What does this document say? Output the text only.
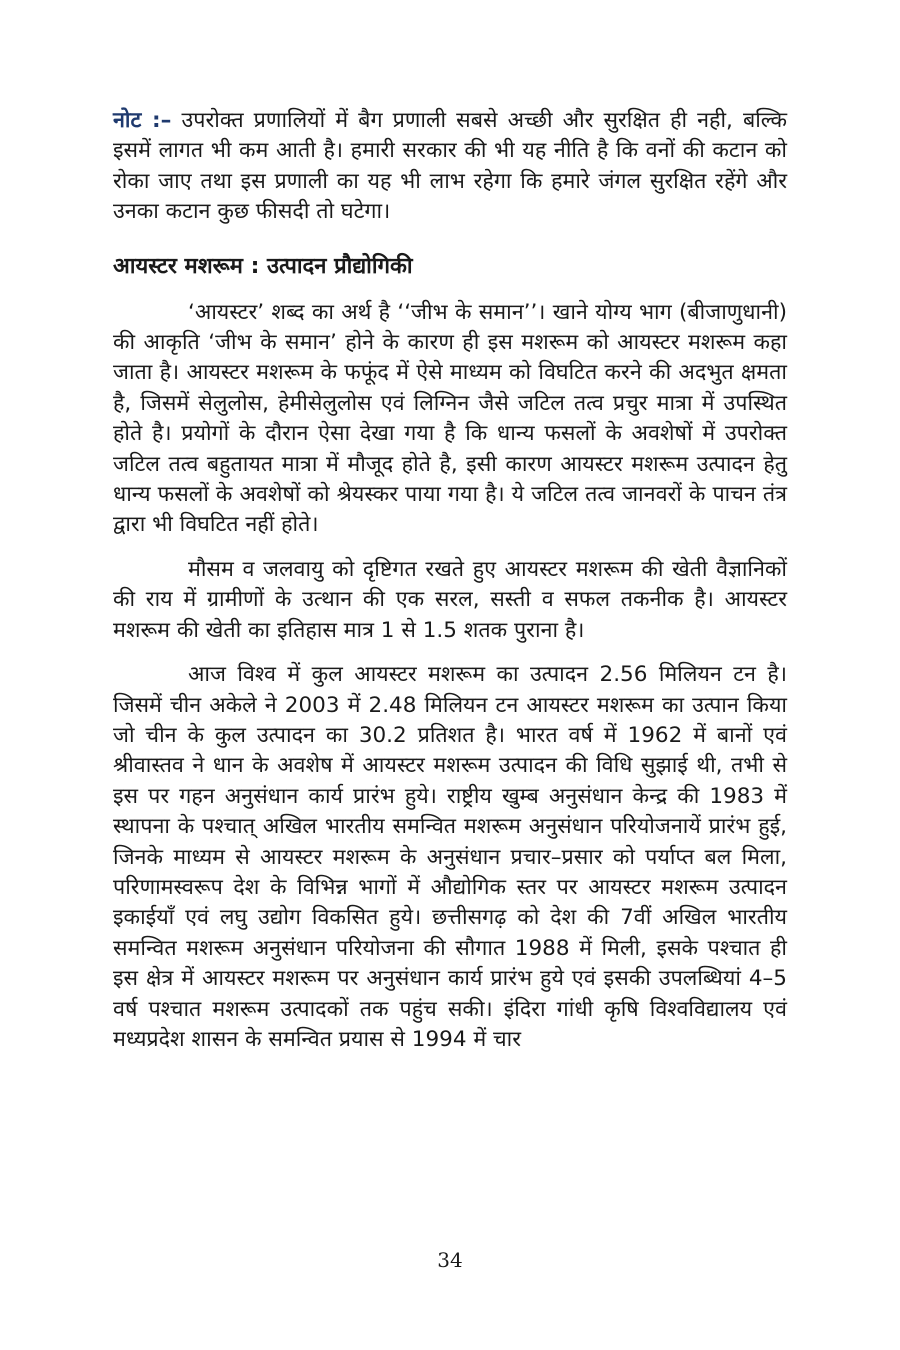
नोट :– उपरोक्त प्रणालियों में बैग प्रणाली सबसे अच्छी और सुरक्षित ही नही, बल्कि इसमें लागत भी कम आती है। हमारी सरकार की भी यह नीति है कि वनों की कटान को रोका जाए तथा इस प्रणाली का यह भी लाभ रहेगा कि हमारे जंगल सुरक्षित रहेंगे और उनका कटान कुछ फीसदी तो घटेगा।

आयस्टर मशरूम : उत्पादन प्रौद्योगिकी

‘आयस्टर’ शब्द का अर्थ है ‘‘जीभ के समान’’। खाने योग्य भाग (बीजाणुधानी) की आकृति ‘जीभ के समान’ होने के कारण ही इस मशरूम को आयस्टर मशरूम कहा जाता है। आयस्टर मशरूम के फफूंद में ऐसे माध्यम को विघटित करने की अदभुत क्षमता है, जिसमें सेलुलोस, हेमीसेलुलोस एवं लिग्निन जैसे जटिल तत्व प्रचुर मात्रा में उपस्थित होते है। प्रयोगों के दौरान ऐसा देखा गया है कि धान्य फसलों के अवशेषों में उपरोक्त जटिल तत्व बहुतायत मात्रा में मौजूद होते है, इसी कारण आयस्टर मशरूम उत्पादन हेतु धान्य फसलों के अवशेषों को श्रेयस्कर पाया गया है। ये जटिल तत्व जानवरों के पाचन तंत्र द्वारा भी विघटित नहीं होते।

मौसम व जलवायु को दृष्टिगत रखते हुए आयस्टर मशरूम की खेती वैज्ञानिकों की राय में ग्रामीणों के उत्थान की एक सरल, सस्ती व सफल तकनीक है। आयस्टर मशरूम की खेती का इतिहास मात्र 1 से 1.5 शतक पुराना है।

आज विश्व में कुल आयस्टर मशरूम का उत्पादन 2.56 मिलियन टन है। जिसमें चीन अकेले ने 2003 में 2.48 मिलियन टन आयस्टर मशरूम का उत्पान किया जो चीन के कुल उत्पादन का 30.2 प्रतिशत है। भारत वर्ष में 1962 में बानों एवं श्रीवास्तव ने धान के अवशेष में आयस्टर मशरूम उत्पादन की विधि सुझाई थी, तभी से इस पर गहन अनुसंधान कार्य प्रारंभ हुये। राष्ट्रीय खुम्ब अनुसंधान केन्द्र की 1983 में स्थापना के पश्चात् अखिल भारतीय समन्वित मशरूम अनुसंधान परियोजनायें प्रारंभ हुई, जिनके माध्यम से आयस्टर मशरूम के अनुसंधान प्रचार–प्रसार को पर्याप्त बल मिला, परिणामस्वरूप देश के विभिन्न भागों में औद्योगिक स्तर पर आयस्टर मशरूम उत्पादन इकाईयाँ एवं लघु उद्योग विकसित हुये। छत्तीसगढ़ को देश की 7वीं अखिल भारतीय समन्वित मशरूम अनुसंधान परियोजना की सौगात 1988 में मिली, इसके पश्चात ही इस क्षेत्र में आयस्टर मशरूम पर अनुसंधान कार्य प्रारंभ हुये एवं इसकी उपलब्धियां 4–5 वर्ष पश्चात मशरूम उत्पादकों तक पहुंच सकी। इंदिरा गांधी कृषि विश्वविद्यालय एवं मध्यप्रदेश शासन के समन्वित प्रयास से 1994 में चार

34
